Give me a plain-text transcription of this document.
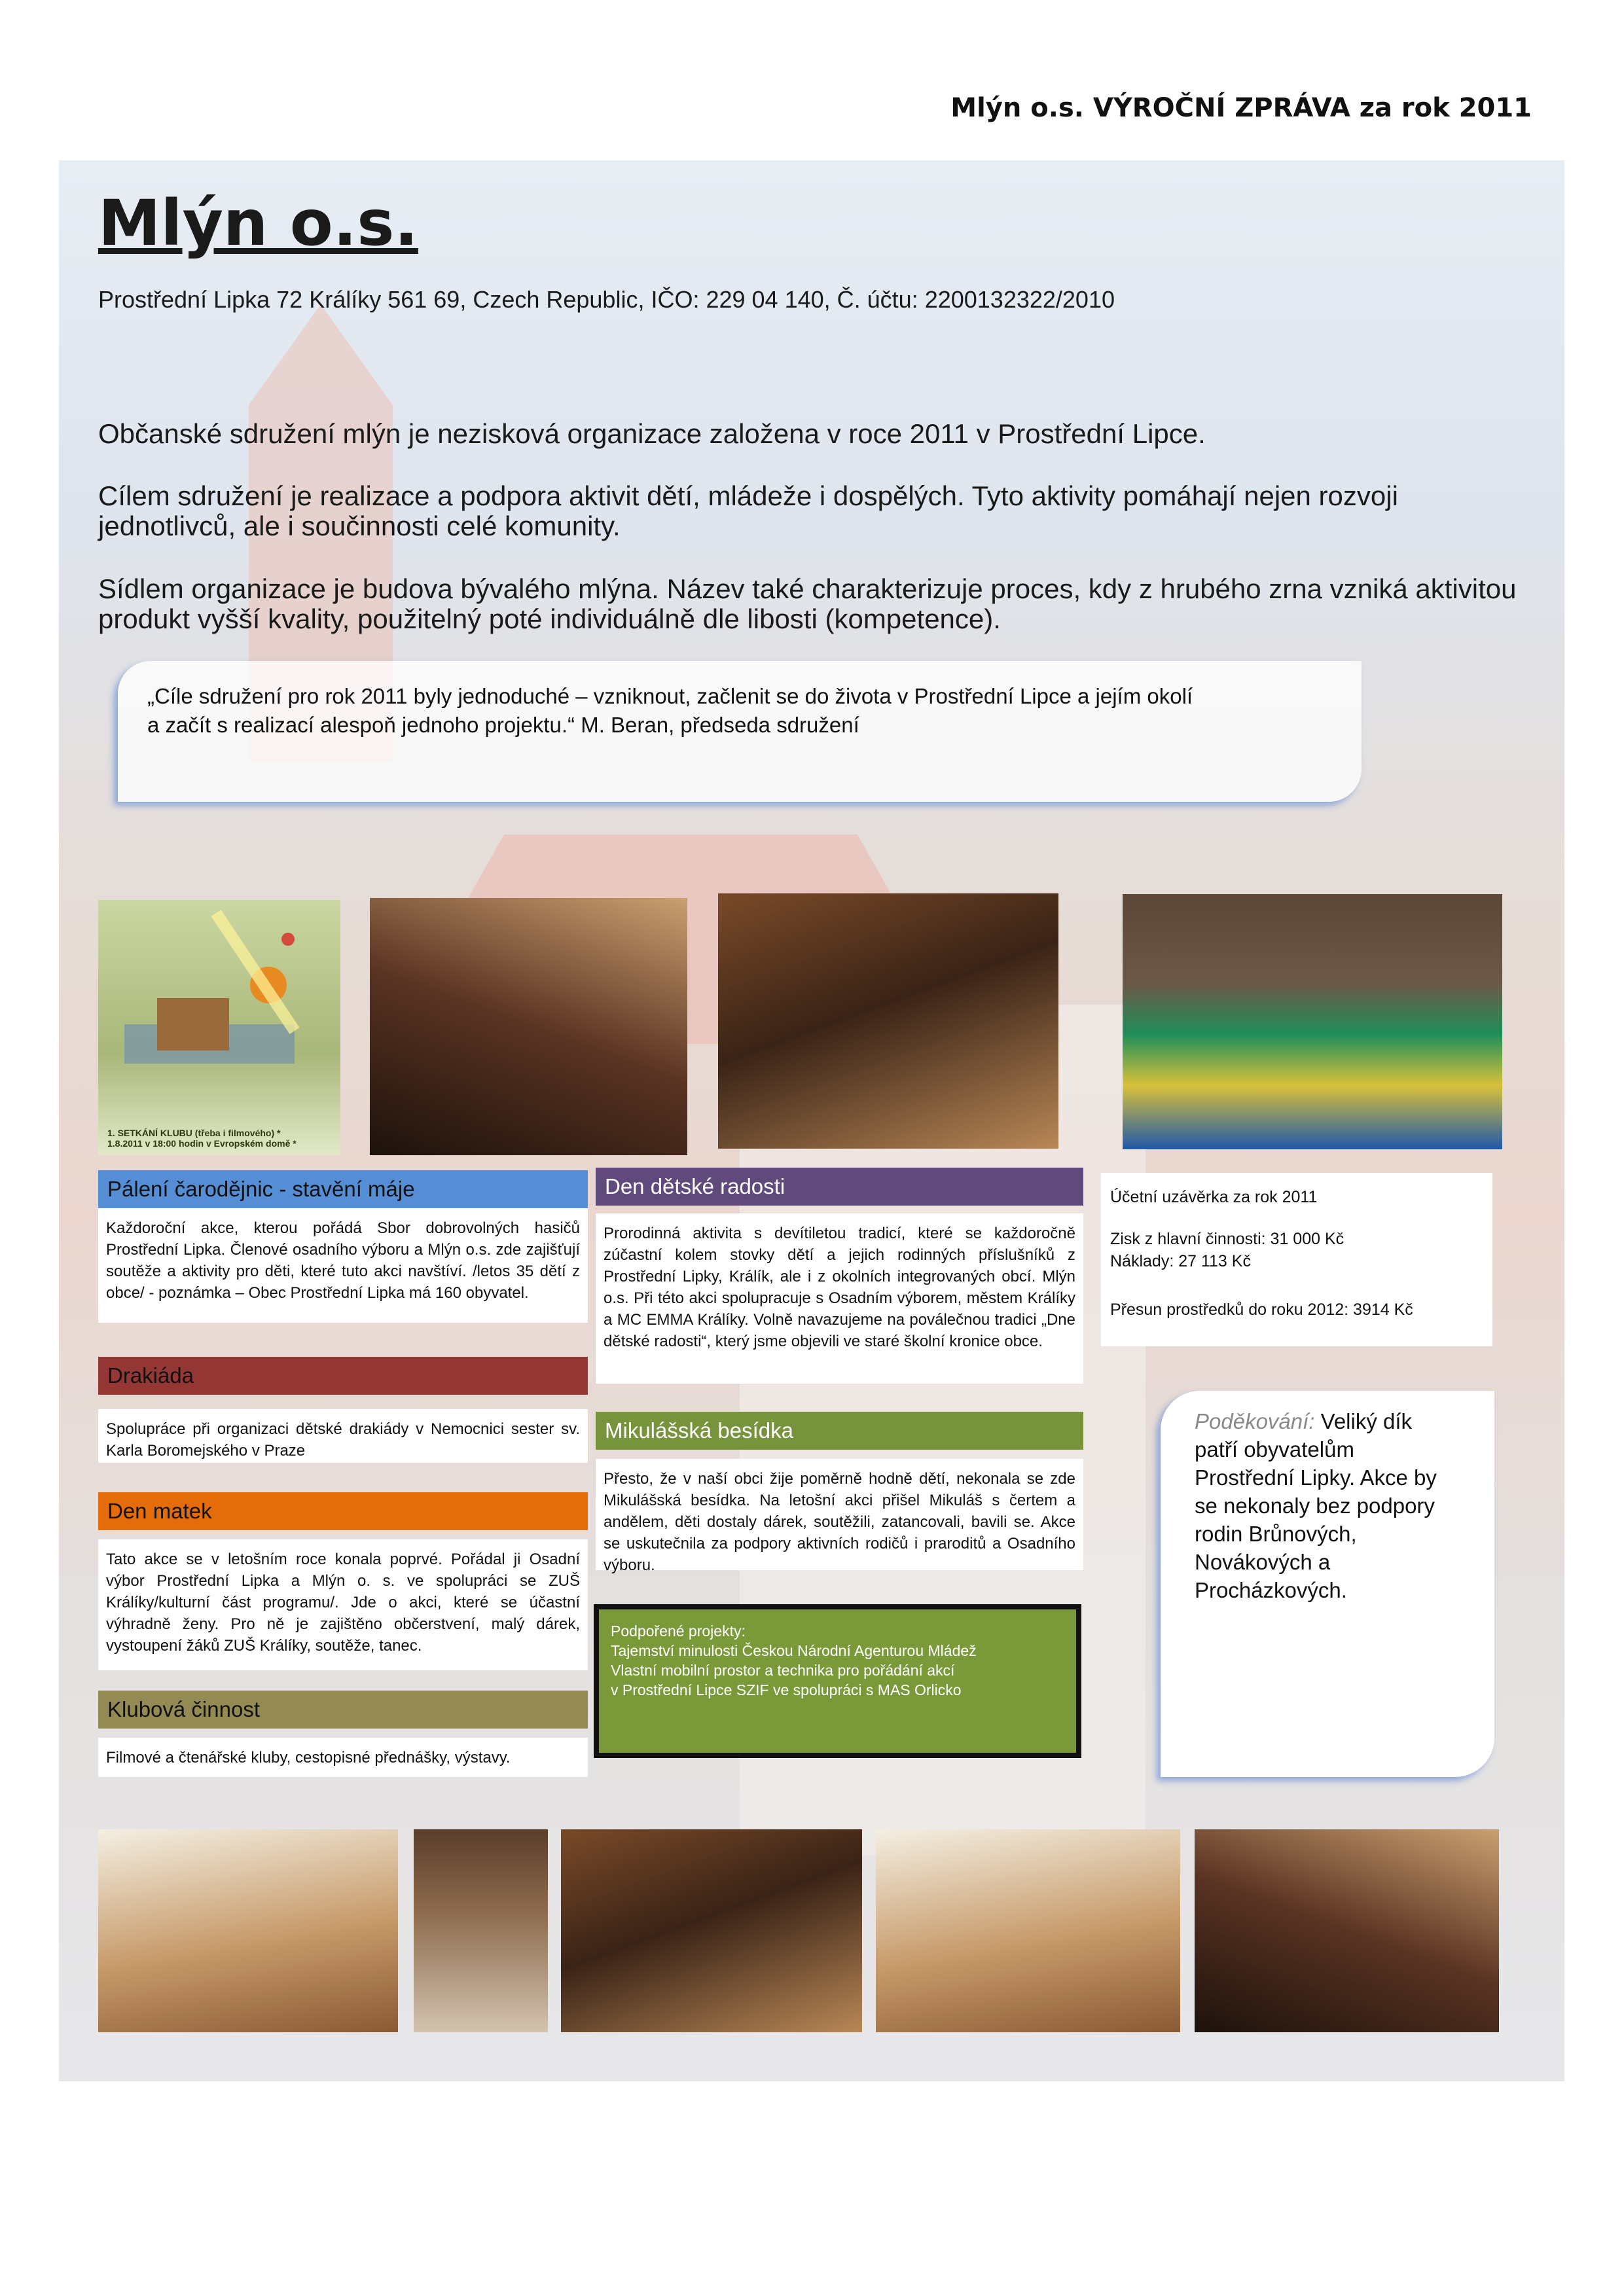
Mlýn o.s. VÝROČNÍ ZPRÁVA za rok 2011
Mlýn o.s.
Prostřední Lipka 72 Králíky 561 69, Czech Republic, IČO: 229 04 140, Č. účtu: 2200132322/2010
Občanské sdružení mlýn je nezisková organizace založena v roce 2011 v Prostřední Lipce.
Cílem sdružení je realizace a podpora aktivit dětí, mládeže i dospělých. Tyto aktivity pomáhají nejen rozvoji jednotlivců, ale i součinnosti celé komunity.
Sídlem organizace je budova bývalého mlýna. Název také charakterizuje proces, kdy z hrubého zrna vzniká aktivitou produkt vyšší kvality, použitelný poté individuálně dle libosti (kompetence).
„Cíle sdružení pro rok 2011 byly jednoduché – vzniknout, začlenit se do života v Prostřední Lipce a jejím okolí
a začít s realizací alespoň jednoho projektu.“ M. Beran, předseda sdružení
1. SETKÁNÍ KLUBU (třeba i filmového) *
1.8.2011 v 18:00 hodin v Evropském domě *
Pálení čarodějnic - stavění máje
Každoroční akce, kterou pořádá Sbor dobrovolných hasičů Prostřední Lipka. Členové osadního výboru a Mlýn o.s. zde zajišťují soutěže a aktivity pro děti, které tuto akci navštíví. /letos 35 dětí z obce/ - poznámka – Obec Prostřední Lipka má 160 obyvatel.
Drakiáda
Spolupráce při organizaci dětské drakiády v Nemocnici sester sv. Karla Boromejského v Praze
Den matek
Tato akce se v letošním roce konala poprvé. Pořádal ji Osadní výbor Prostřední Lipka a Mlýn o. s. ve spolupráci se ZUŠ Králíky/kulturní část programu/. Jde o akci, které se účastní výhradně ženy. Pro ně je zajištěno občerstvení, malý dárek, vystoupení žáků ZUŠ Králíky, soutěže, tanec.
Klubová činnost
Filmové a čtenářské kluby, cestopisné přednášky, výstavy.
Den dětské radosti
Prorodinná aktivita s devítiletou tradicí, které se každoročně zúčastní kolem stovky dětí a jejich rodinných příslušníků z Prostřední Lipky, Králík, ale i z okolních integrovaných obcí. Mlýn o.s. Při této akci spolupracuje s Osadním výborem, městem Králíky a MC EMMA Králíky. Volně navazujeme na poválečnou tradici „Dne dětské radosti“, který jsme objevili ve staré školní kronice obce.
Mikulášská besídka
Přesto, že v naší obci žije poměrně hodně dětí, nekonala se zde Mikulášská besídka. Na letošní akci přišel Mikuláš s čertem a andělem, děti dostaly dárek, soutěžili, zatancovali, bavili se. Akce se uskutečnila za podpory aktivních rodičů i praroditů a Osadního výboru.
Podpořené projekty:
Tajemství minulosti Českou Národní Agenturou Mládež
Vlastní mobilní prostor a technika pro pořádání akcí
v Prostřední Lipce SZIF ve spolupráci s MAS Orlicko
Účetní uzávěrka za rok 2011
Zisk z hlavní činnosti: 31 000 Kč
Náklady: 27 113 Kč
Přesun prostředků do roku 2012: 3914 Kč
Poděkování: Veliký dík patří obyvatelům Prostřední Lipky. Akce by se nekonaly bez podpory rodin Brůnových, Novákových a Procházkových.
